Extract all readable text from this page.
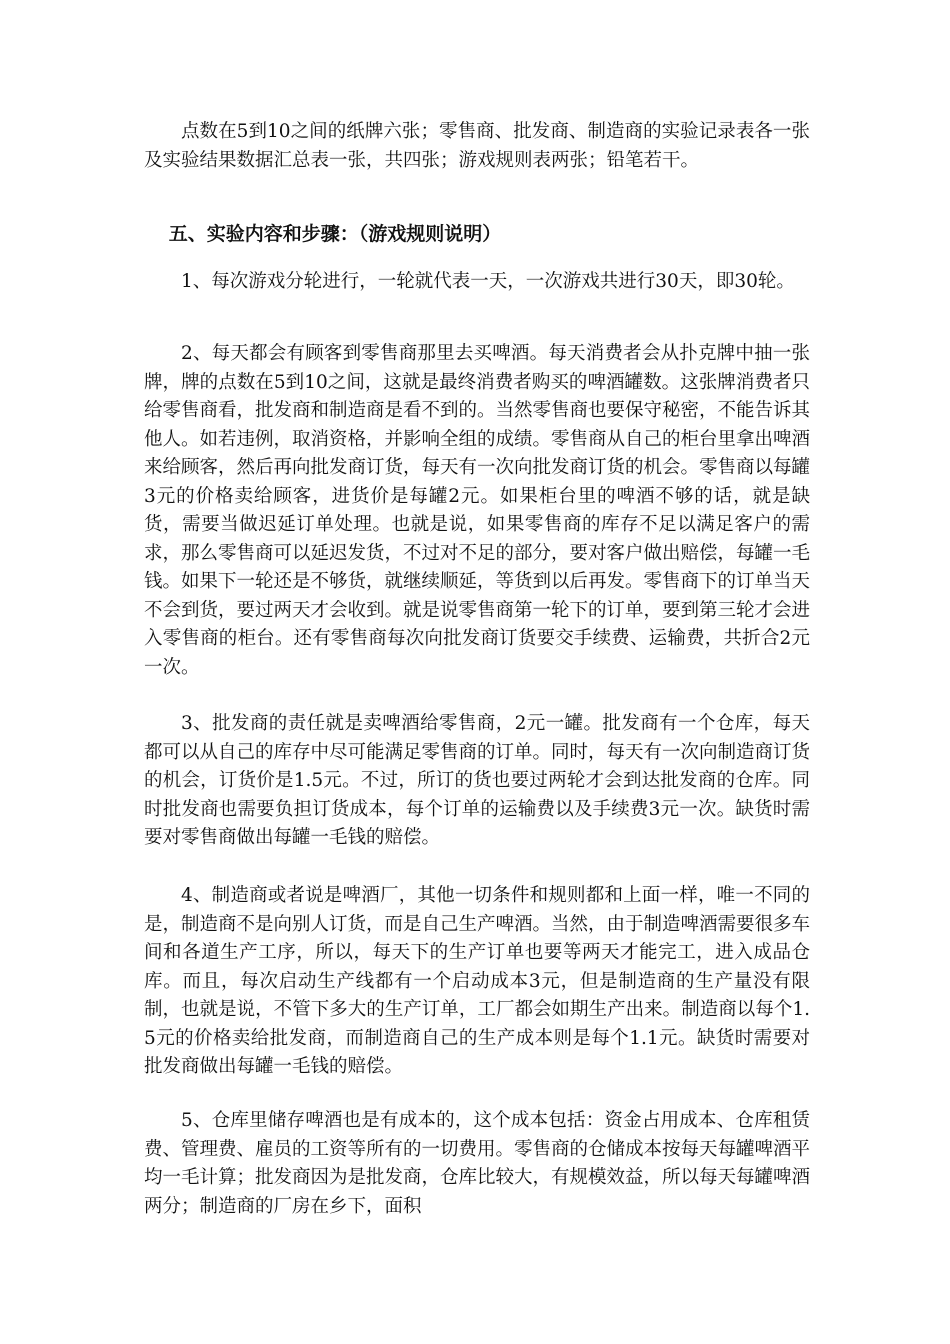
点数在5到10之间的纸牌六张；零售商、批发商、制造商的实验记录表各一张及实验结果数据汇总表一张，共四张；游戏规则表两张；铅笔若干。

五、实验内容和步骤：（游戏规则说明）

1、每次游戏分轮进行，一轮就代表一天，一次游戏共进行30天，即30轮。

2、每天都会有顾客到零售商那里去买啤酒。每天消费者会从扑克牌中抽一张牌，牌的点数在5到10之间，这就是最终消费者购买的啤酒罐数。这张牌消费者只给零售商看，批发商和制造商是看不到的。当然零售商也要保守秘密，不能告诉其他人。如若违例，取消资格，并影响全组的成绩。零售商从自己的柜台里拿出啤酒来给顾客，然后再向批发商订货，每天有一次向批发商订货的机会。零售商以每罐3元的价格卖给顾客，进货价是每罐2元。如果柜台里的啤酒不够的话，就是缺货，需要当做迟延订单处理。也就是说，如果零售商的库存不足以满足客户的需求，那么零售商可以延迟发货，不过对不足的部分，要对客户做出赔偿，每罐一毛钱。如果下一轮还是不够货，就继续顺延，等货到以后再发。零售商下的订单当天不会到货，要过两天才会收到。就是说零售商第一轮下的订单，要到第三轮才会进入零售商的柜台。还有零售商每次向批发商订货要交手续费、运输费，共折合2元一次。

3、批发商的责任就是卖啤酒给零售商，2元一罐。批发商有一个仓库，每天都可以从自己的库存中尽可能满足零售商的订单。同时，每天有一次向制造商订货的机会，订货价是1.5元。不过，所订的货也要过两轮才会到达批发商的仓库。同时批发商也需要负担订货成本，每个订单的运输费以及手续费3元一次。缺货时需要对零售商做出每罐一毛钱的赔偿。

4、制造商或者说是啤酒厂，其他一切条件和规则都和上面一样，唯一不同的是，制造商不是向别人订货，而是自己生产啤酒。当然，由于制造啤酒需要很多车间和各道生产工序，所以，每天下的生产订单也要等两天才能完工，进入成品仓库。而且，每次启动生产线都有一个启动成本3元，但是制造商的生产量没有限制，也就是说，不管下多大的生产订单，工厂都会如期生产出来。制造商以每个1.5元的价格卖给批发商，而制造商自己的生产成本则是每个1.1元。缺货时需要对批发商做出每罐一毛钱的赔偿。

5、仓库里储存啤酒也是有成本的，这个成本包括：资金占用成本、仓库租赁费、管理费、雇员的工资等所有的一切费用。零售商的仓储成本按每天每罐啤酒平均一毛计算；批发商因为是批发商，仓库比较大，有规模效益，所以每天每罐啤酒两分；制造商的厂房在乡下，面积
